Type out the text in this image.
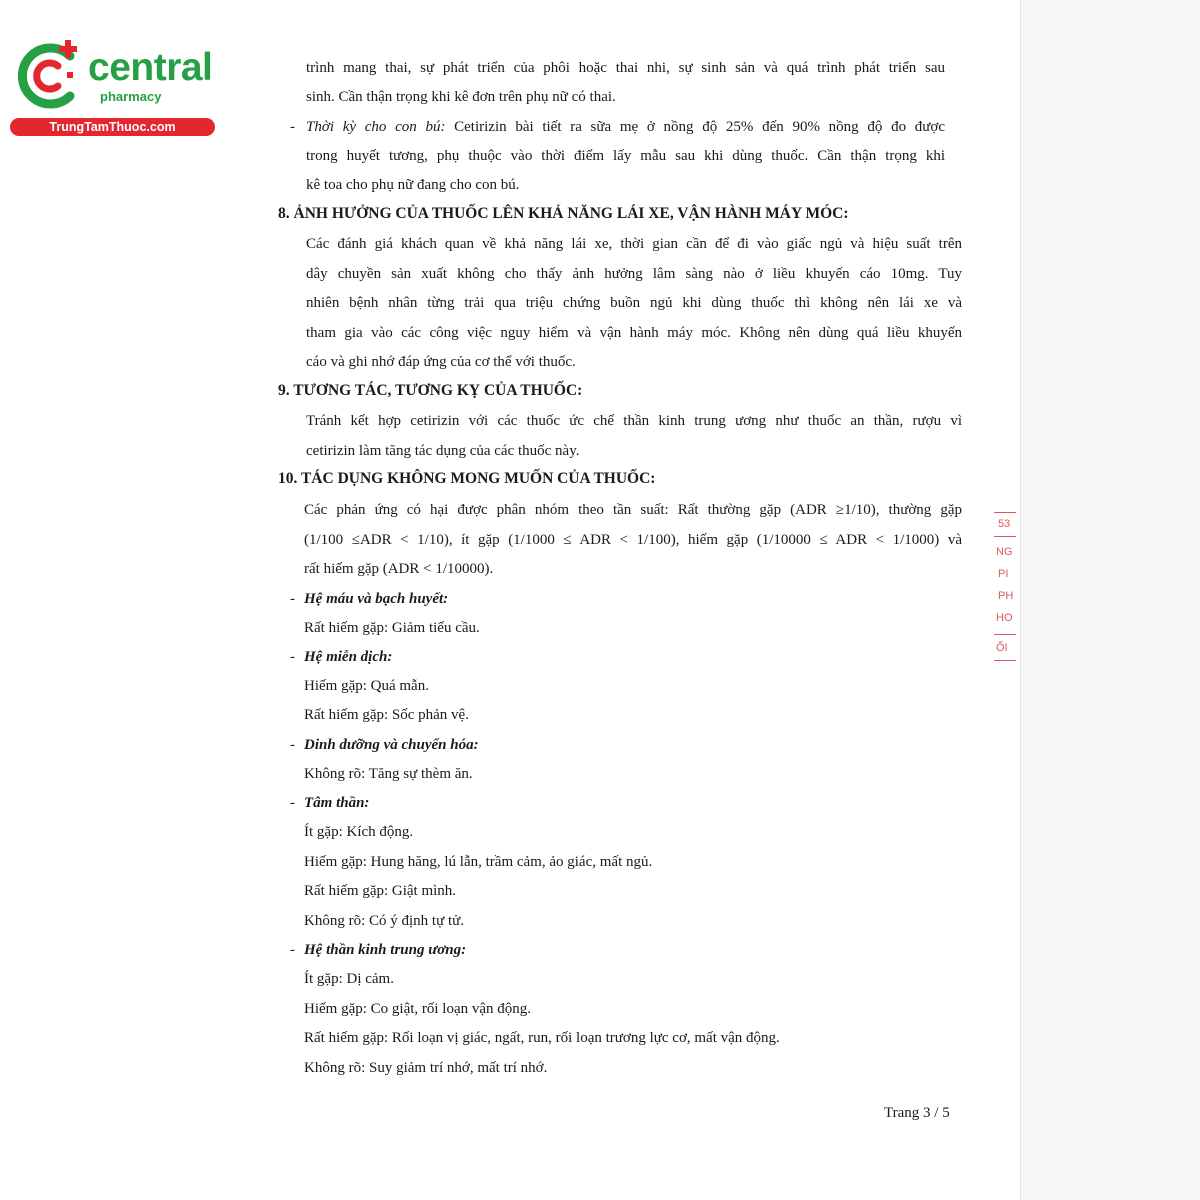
central
pharmacy
TrungTamThuoc.com
trình mang thai, sự phát triển của phôi hoặc thai nhi, sự sinh sản và quá trình phát triển sau
sinh. Cần thận trọng khi kê đơn trên phụ nữ có thai.
- Thời kỳ cho con bú: Cetirizin bài tiết ra sữa mẹ ở nồng độ 25% đến 90% nồng độ đo được
trong huyết tương, phụ thuộc vào thời điểm lấy mẫu sau khi dùng thuốc. Cần thận trọng khi
kê toa cho phụ nữ đang cho con bú.
8. ẢNH HƯỞNG CỦA THUỐC LÊN KHẢ NĂNG LÁI XE, VẬN HÀNH MÁY MÓC:
Các đánh giá khách quan về khả năng lái xe, thời gian cần để đi vào giấc ngủ và hiệu suất trên
dây chuyền sản xuất không cho thấy ảnh hưởng lâm sàng nào ở liều khuyến cáo 10mg. Tuy
nhiên bệnh nhân từng trải qua triệu chứng buồn ngủ khi dùng thuốc thì không nên lái xe và
tham gia vào các công việc nguy hiểm và vận hành máy móc. Không nên dùng quá liều khuyến
cáo và ghi nhớ đáp ứng của cơ thể với thuốc.
9. TƯƠNG TÁC, TƯƠNG KỴ CỦA THUỐC:
Tránh kết hợp cetirizin với các thuốc ức chế thần kinh trung ương như thuốc an thần, rượu vì
cetirizin làm tăng tác dụng của các thuốc này.
10. TÁC DỤNG KHÔNG MONG MUỐN CỦA THUỐC:
Các phản ứng có hại được phân nhóm theo tần suất: Rất thường gặp (ADR ≥1/10), thường gặp
(1/100 ≤ADR < 1/10), ít gặp (1/1000 ≤ ADR < 1/100), hiếm gặp (1/10000 ≤ ADR < 1/1000) và
rất hiếm gặp (ADR < 1/10000).
- Hệ máu và bạch huyết:
Rất hiếm gặp: Giảm tiểu cầu.
- Hệ miễn dịch:
Hiếm gặp: Quá mẫn.
Rất hiếm gặp: Sốc phản vệ.
- Dinh dưỡng và chuyển hóa:
Không rõ: Tăng sự thèm ăn.
- Tâm thần:
Ít gặp: Kích động.
Hiếm gặp: Hung hăng, lú lẫn, trầm cảm, ảo giác, mất ngủ.
Rất hiếm gặp: Giật mình.
Không rõ: Có ý định tự tử.
- Hệ thần kinh trung ương:
Ít gặp: Dị cảm.
Hiếm gặp: Co giật, rối loạn vận động.
Rất hiếm gặp: Rối loạn vị giác, ngất, run, rối loạn trương lực cơ, mất vận động.
Không rõ: Suy giảm trí nhớ, mất trí nhớ.
Trang 3 / 5
53
NG
PI
PH
HO
ỐI
